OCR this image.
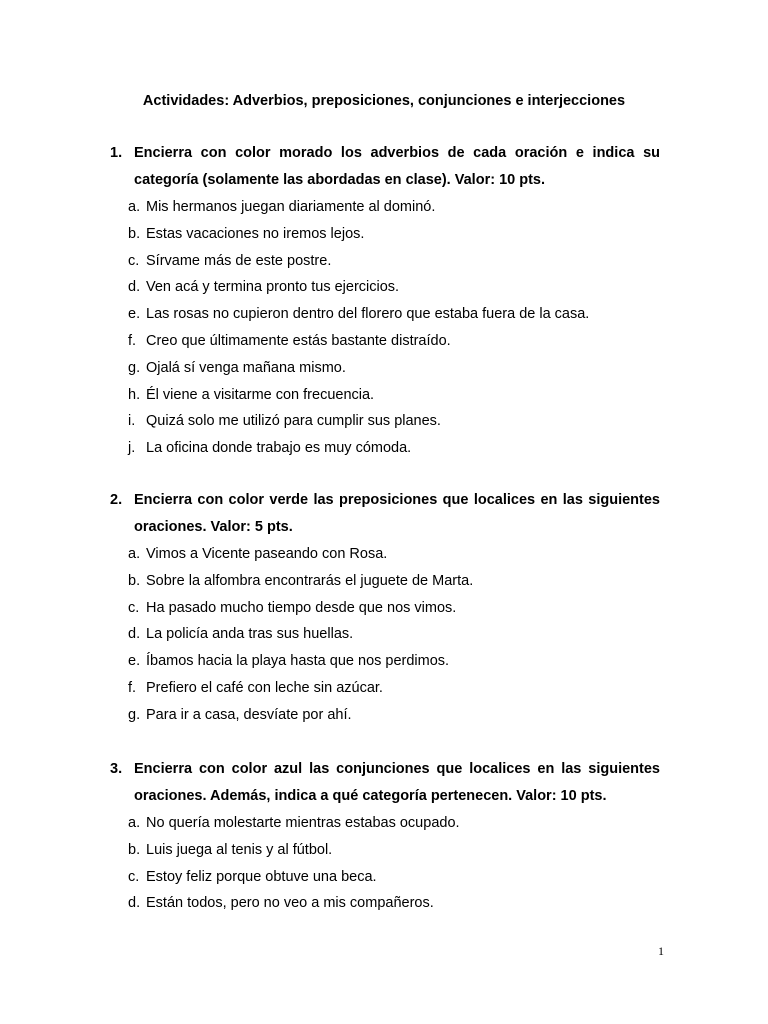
Actividades: Adverbios, preposiciones, conjunciones e interjecciones
1. Encierra con color morado los adverbios de cada oración e indica su categoría (solamente las abordadas en clase). Valor: 10 pts.
a. Mis hermanos juegan diariamente al dominó.
b. Estas vacaciones no iremos lejos.
c. Sírvame más de este postre.
d. Ven acá y termina pronto tus ejercicios.
e. Las rosas no cupieron dentro del florero que estaba fuera de la casa.
f. Creo que últimamente estás bastante distraído.
g. Ojalá sí venga mañana mismo.
h. Él viene a visitarme con frecuencia.
i. Quizá solo me utilizó para cumplir sus planes.
j. La oficina donde trabajo es muy cómoda.
2. Encierra con color verde las preposiciones que localices en las siguientes oraciones. Valor: 5 pts.
a. Vimos a Vicente paseando con Rosa.
b. Sobre la alfombra encontrarás el juguete de Marta.
c. Ha pasado mucho tiempo desde que nos vimos.
d. La policía anda tras sus huellas.
e. Íbamos hacia la playa hasta que nos perdimos.
f. Prefiero el café con leche sin azúcar.
g. Para ir a casa, desvíate por ahí.
3. Encierra con color azul las conjunciones que localices en las siguientes oraciones. Además, indica a qué categoría pertenecen. Valor: 10 pts.
a. No quería molestarte mientras estabas ocupado.
b. Luis juega al tenis y al fútbol.
c. Estoy feliz porque obtuve una beca.
d. Están todos, pero no veo a mis compañeros.
1
